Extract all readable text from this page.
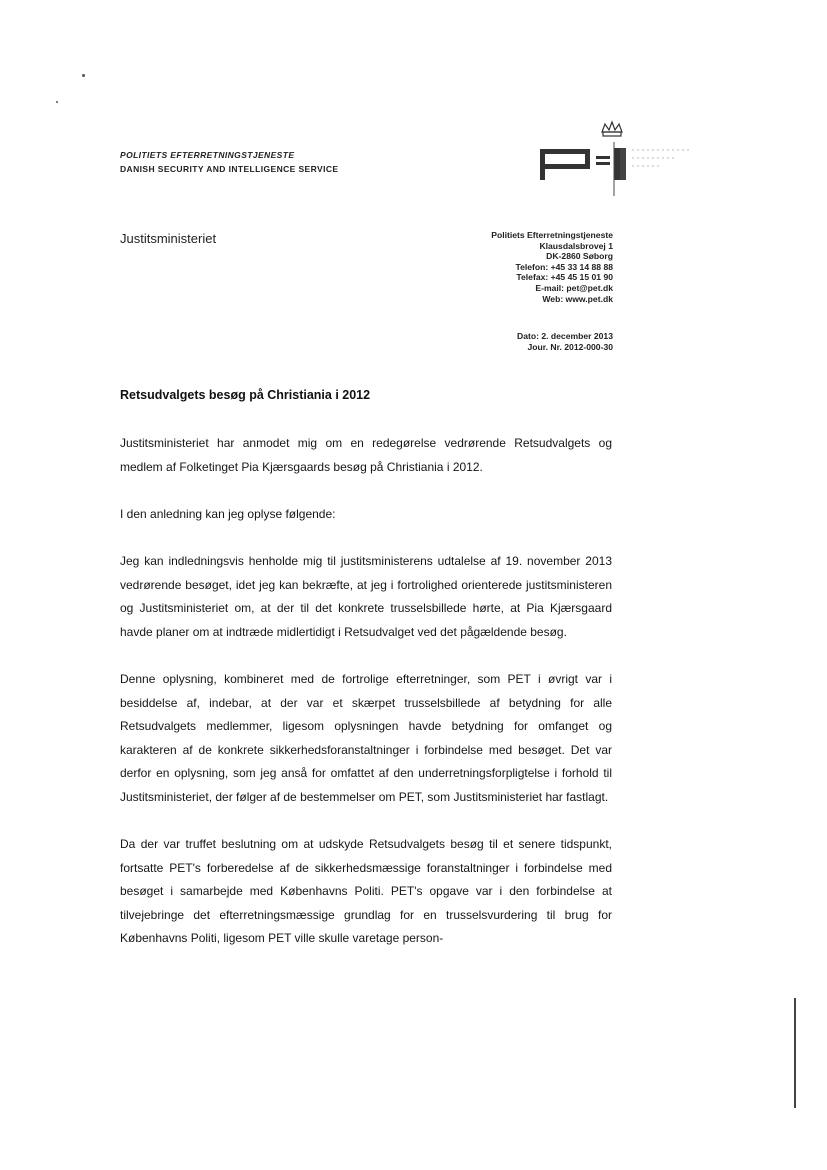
POLITIETS EFTERRETNINGSTJENESTE
DANISH SECURITY AND INTELLIGENCE SERVICE
Justitsministeriet	Politiets Efterretningstjeneste
Klausdalsbrovej 1
DK-2860 Søborg
Telefon: +45 33 14 88 88
Telefax: +45 45 15 01 90
E-mail: pet@pet.dk
Web: www.pet.dk
Dato: 2. december 2013
Jour. Nr. 2012-000-30
Retsudvalgets besøg på Christiania i 2012

Justitsministeriet har anmodet mig om en redegørelse vedrørende Retsudvalgets og medlem af Folketinget Pia Kjærsgaards besøg på Christiania i 2012.

I den anledning kan jeg oplyse følgende:

Jeg kan indledningsvis henholde mig til justitsministerens udtalelse af 19. november 2013 vedrørende besøget, idet jeg kan bekræfte, at jeg i fortrolighed orienterede justitsministeren og Justitsministeriet om, at der til det konkrete trusselsbillede hørte, at Pia Kjærsgaard havde planer om at indtræde midlertidigt i Retsudvalget ved det pågældende besøg.

Denne oplysning, kombineret med de fortrolige efterretninger, som PET i øvrigt var i besiddelse af, indebar, at der var et skærpet trusselsbillede af betydning for alle Retsudvalgets medlemmer, ligesom oplysningen havde betydning for omfanget og karakteren af de konkrete sikkerhedsforanstaltninger i forbindelse med besøget. Det var derfor en oplysning, som jeg anså for omfattet af den underretningsforpligtelse i forhold til Justitsministeriet, der følger af de bestemmelser om PET, som Justitsministeriet har fastlagt.

Da der var truffet beslutning om at udskyde Retsudvalgets besøg til et senere tidspunkt, fortsatte PET's forberedelse af de sikkerhedsmæssige foranstaltninger i forbindelse med besøget i samarbejde med Københavns Politi. PET's opgave var i den forbindelse at tilvejebringe det efterretningsmæssige grundlag for en trusselsvurdering til brug for Københavns Politi, ligesom PET ville skulle varetage person-
